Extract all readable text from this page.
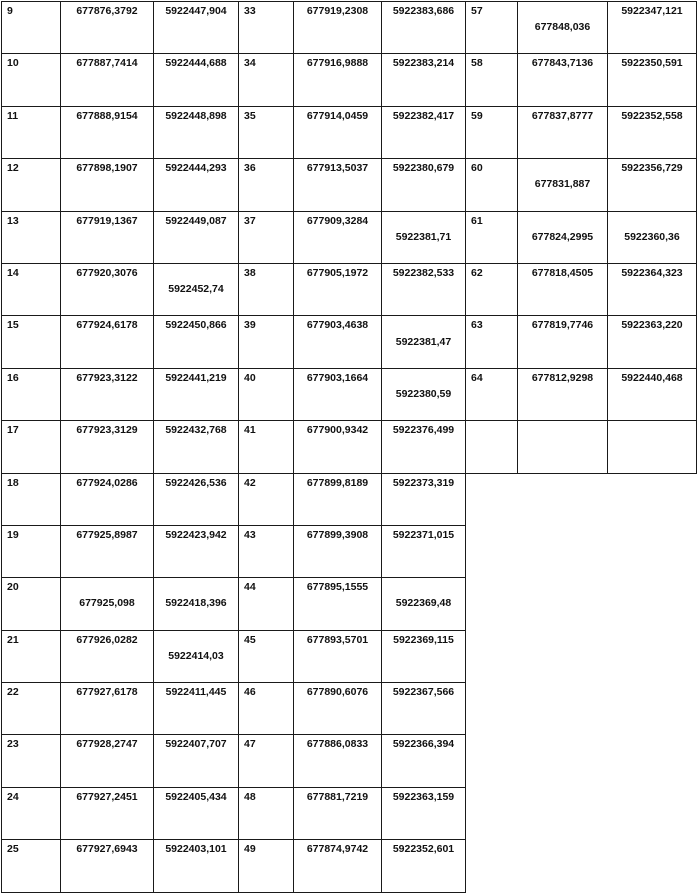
9	677876,3792	5922447,904
10	677887,7414	5922444,688
11	677888,9154	5922448,898
12	677898,1907	5922444,293
13	677919,1367	5922449,087
14	677920,3076	5922452,74
15	677924,6178	5922450,866
16	677923,3122	5922441,219
17	677923,3129	5922432,768
18	677924,0286	5922426,536
19	677925,8987	5922423,942
20	677925,098	5922418,396
21	677926,0282	5922414,03
22	677927,6178	5922411,445
23	677928,2747	5922407,707
24	677927,2451	5922405,434
25	677927,6943	5922403,101
33	677919,2308	5922383,686
34	677916,9888	5922383,214
35	677914,0459	5922382,417
36	677913,5037	5922380,679
37	677909,3284	5922381,71
38	677905,1972	5922382,533
39	677903,4638	5922381,47
40	677903,1664	5922380,59
41	677900,9342	5922376,499
42	677899,8189	5922373,319
43	677899,3908	5922371,015
44	677895,1555	5922369,48
45	677893,5701	5922369,115
46	677890,6076	5922367,566
47	677886,0833	5922366,394
48	677881,7219	5922363,159
49	677874,9742	5922352,601
57	677848,036	5922347,121
58	677843,7136	5922350,591
59	677837,8777	5922352,558
60	677831,887	5922356,729
61	677824,2995	5922360,36
62	677818,4505	5922364,323
63	677819,7746	5922363,220
64	677812,9298	5922440,468
